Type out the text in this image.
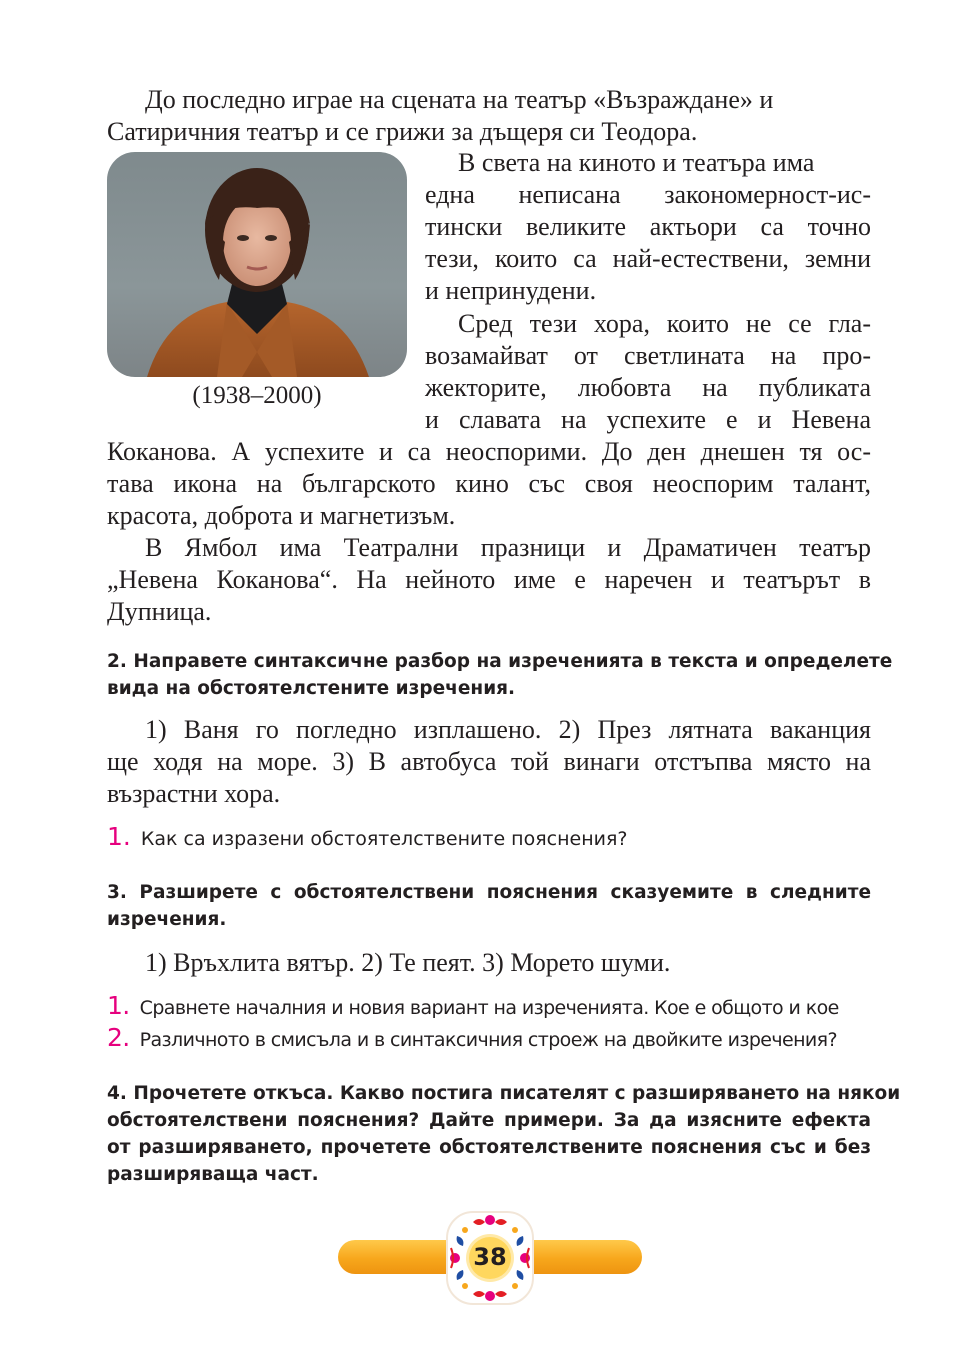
До последно играе на сцената на театър «Възраждане» и
Сатиричния театър и се грижи за дъщеря си Теодора.
(1938–2000)
В света на киното и театъра има
една неписана закономерност-ис-
тински великите актьори са точно
тези, които са най-естествени, земни
и непринудени.
Сред тези хора, които не се гла-
возамайват от светлината на про-
жекторите, любовта на публиката
и славата на успехите е и Невена
Коканова. А успехите и са неоспорими. До ден днешен тя ос-
тава икона на българското кино със своя неоспорим талант,
красота, доброта и магнетизъм.
В Ямбол има Театрални празници и Драматичен театър
„Невена Коканова“. На нейното име е наречен и театърът в
Дупница.
2. Направете синтаксичне разбор на изреченията в текста и определете
вида на обстоятелстените изречения.
1) Ваня го погледно изплашено. 2) През лятната ваканция
ще ходя на море. 3) В автобуса той винаги отстъпва място на
възрастни хора.
1. Как са изразени обстоятелствените пояснения?
3. Разширете с обстоятелствени пояснения сказуемите в следните
изречения.
1) Връхлита вятър. 2) Те пеят. 3) Морето шуми.
1. Сравнете началния и новия вариант на изреченията. Кое е общото и кое
2. Различното в смисъла и в синтаксичния строеж на двойките изречения?
4. Прочетете откъса. Какво постига писателят с разширяването на някои
обстоятелствени пояснения? Дайте примери. За да изясните ефекта
от разширяването, прочетете обстоятелствените пояснения със и без
разширяваща част.
38
